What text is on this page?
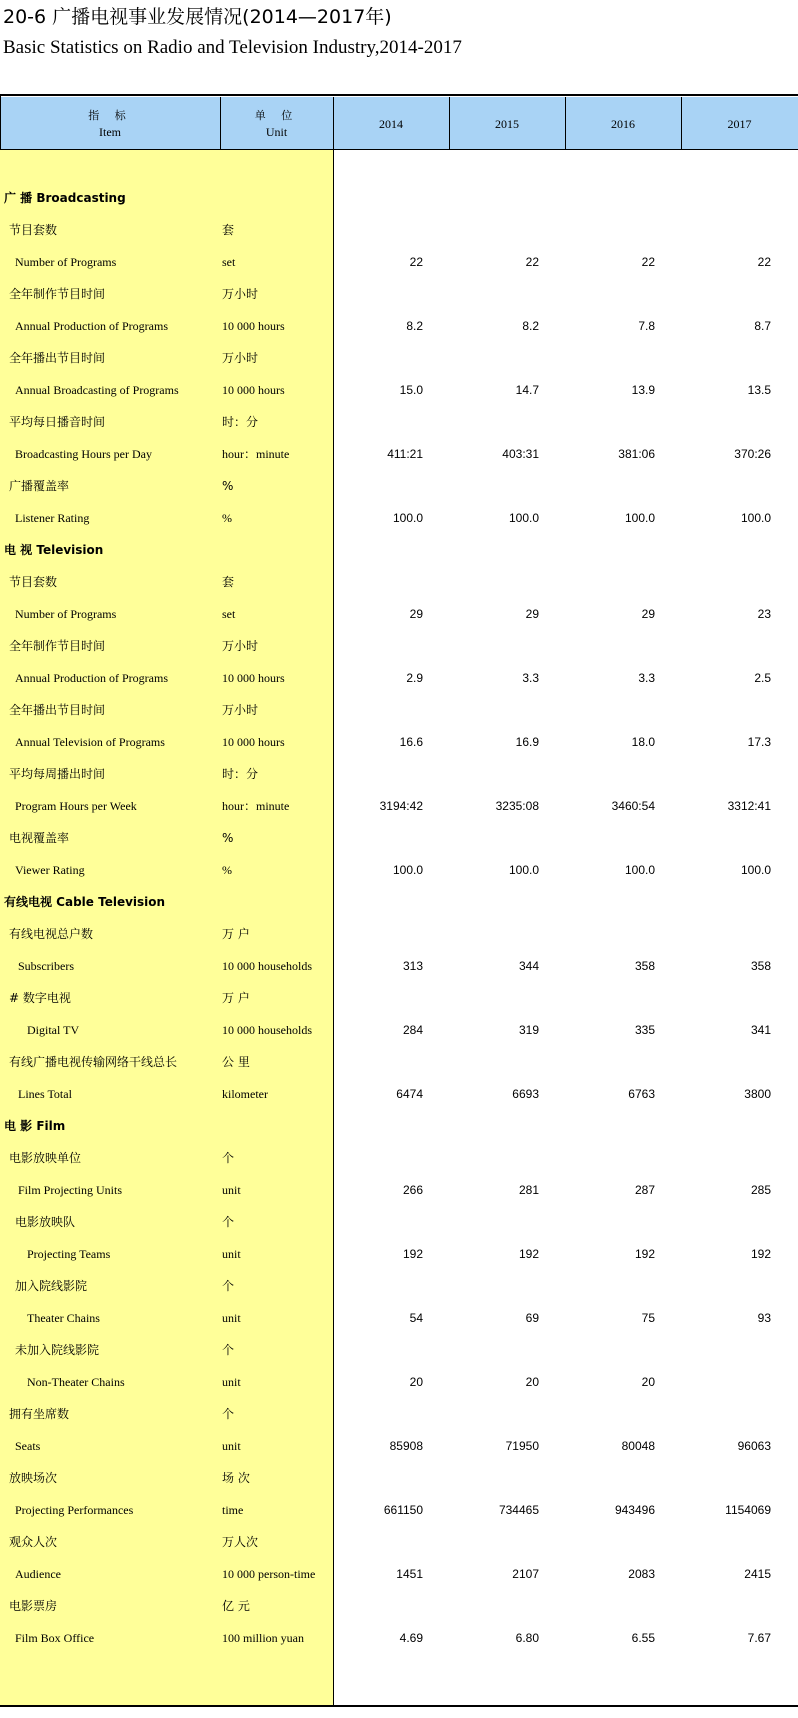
20-6 广播电视事业发展情况(2014—2017年)
Basic Statistics on Radio and Television Industry,2014-2017
指 标
Item
单 位
Unit
2014	2015	2016	2017
广 播 Broadcasting
节目套数	套
Number of Programs	set	22	22	22	22
全年制作节目时间	万小时
Annual Production of Programs	10 000 hours	8.2	8.2	7.8	8.7
全年播出节目时间	万小时
Annual Broadcasting of Programs	10 000 hours	15.0	14.7	13.9	13.5
平均每日播音时间	时：分
Broadcasting Hours per Day	hour：minute	411:21	403:31	381:06	370:26
广播覆盖率	%
Listener Rating	%	100.0	100.0	100.0	100.0
电 视 Television
节目套数	套
Number of Programs	set	29	29	29	23
全年制作节目时间	万小时
Annual Production of Programs	10 000 hours	2.9	3.3	3.3	2.5
全年播出节目时间	万小时
Annual Television of Programs	10 000 hours	16.6	16.9	18.0	17.3
平均每周播出时间	时：分
Program Hours per Week	hour：minute	3194:42	3235:08	3460:54	3312:41
电视覆盖率	%
Viewer Rating	%	100.0	100.0	100.0	100.0
有线电视 Cable Television
有线电视总户数	万 户
Subscribers	10 000 households	313	344	358	358
# 数字电视	万 户
Digital TV	10 000 households	284	319	335	341
有线广播电视传输网络干线总长	公 里
Lines Total	kilometer	6474	6693	6763	3800
电 影 Film
电影放映单位	个
Film Projecting Units	unit	266	281	287	285
电影放映队	个
Projecting Teams	unit	192	192	192	192
加入院线影院	个
Theater Chains	unit	54	69	75	93
未加入院线影院	个
Non-Theater Chains	unit	20	20	20
拥有坐席数	个
Seats	unit	85908	71950	80048	96063
放映场次	场 次
Projecting Performances	time	661150	734465	943496	1154069
观众人次	万人次
Audience	10 000 person-time	1451	2107	2083	2415
电影票房	亿 元
Film Box Office	100 million yuan	4.69	6.80	6.55	7.67
